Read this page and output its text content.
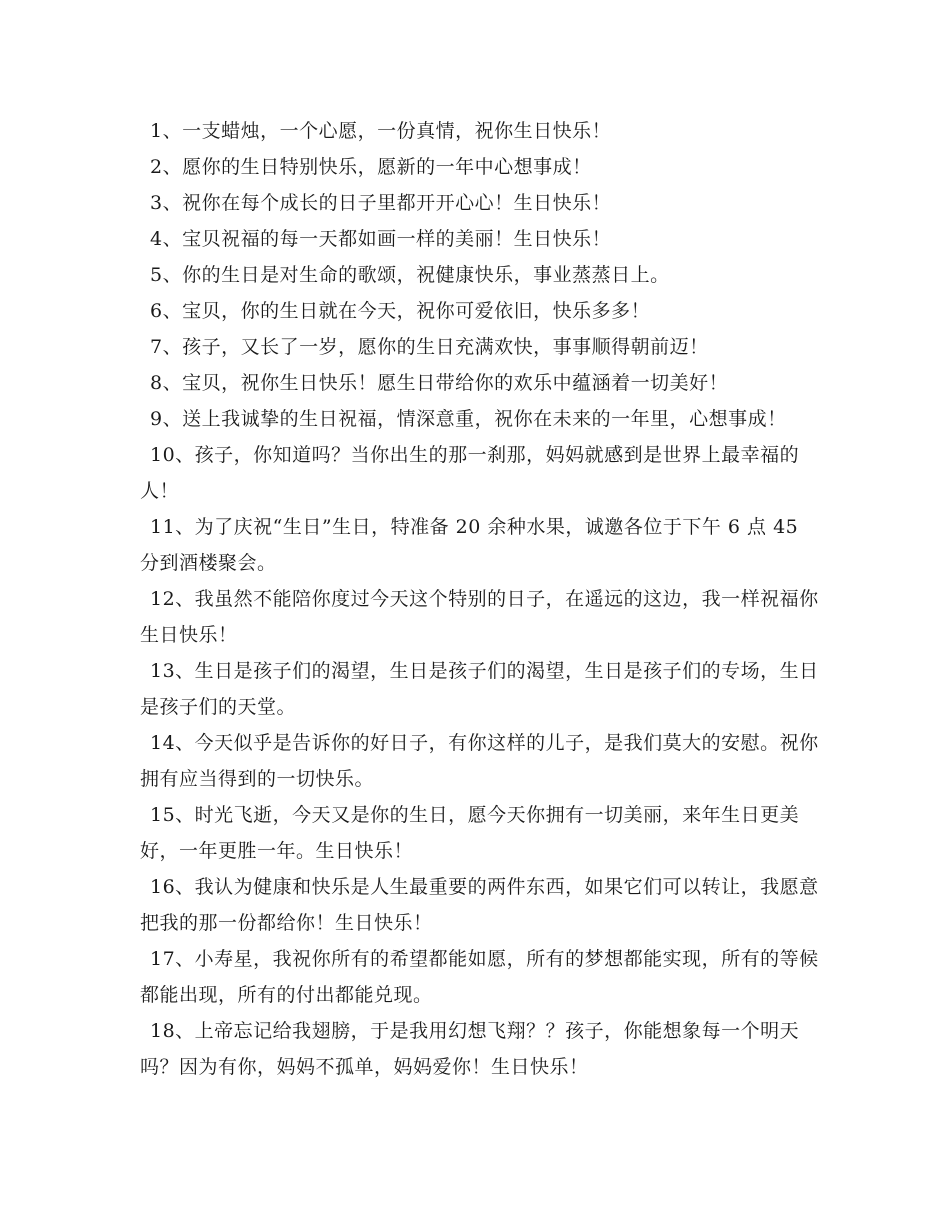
1、一支蜡烛，一个心愿，一份真情，祝你生日快乐！

2、愿你的生日特别快乐，愿新的一年中心想事成！

3、祝你在每个成长的日子里都开开心心！生日快乐！

4、宝贝祝福的每一天都如画一样的美丽！生日快乐！

5、你的生日是对生命的歌颂，祝健康快乐，事业蒸蒸日上。

6、宝贝，你的生日就在今天，祝你可爱依旧，快乐多多！

7、孩子，又长了一岁，愿你的生日充满欢快，事事顺得朝前迈！

8、宝贝，祝你生日快乐！愿生日带给你的欢乐中蕴涵着一切美好！

9、送上我诚挚的生日祝福，情深意重，祝你在未来的一年里，心想事成！

10、孩子，你知道吗？当你出生的那一刹那，妈妈就感到是世界上最幸福的人！

11、为了庆祝“生日”生日，特准备 20 余种水果，诚邀各位于下午 6 点 45 分到酒楼聚会。

12、我虽然不能陪你度过今天这个特别的日子，在遥远的这边，我一样祝福你生日快乐！

13、生日是孩子们的渴望，生日是孩子们的渴望，生日是孩子们的专场，生日是孩子们的天堂。

14、今天似乎是告诉你的好日子，有你这样的儿子，是我们莫大的安慰。祝你拥有应当得到的一切快乐。

15、时光飞逝，今天又是你的生日，愿今天你拥有一切美丽，来年生日更美好，一年更胜一年。生日快乐！

16、我认为健康和快乐是人生最重要的两件东西，如果它们可以转让，我愿意把我的那一份都给你！生日快乐！

17、小寿星，我祝你所有的希望都能如愿，所有的梦想都能实现，所有的等候都能出现，所有的付出都能兑现。

18、上帝忘记给我翅膀，于是我用幻想飞翔？？孩子，你能想象每一个明天吗？因为有你，妈妈不孤单，妈妈爱你！生日快乐！
